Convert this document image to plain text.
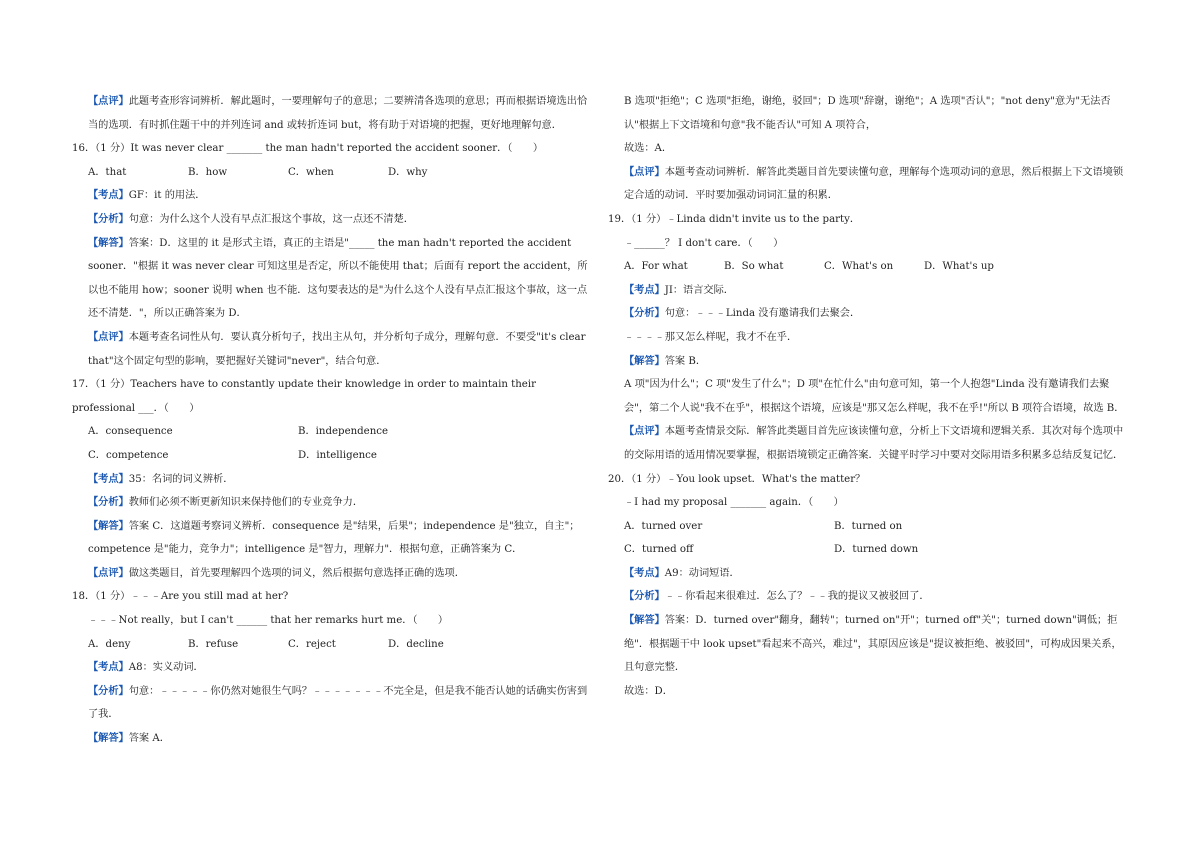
【点评】此题考查形容词辨析．解此题时，一要理解句子的意思；二要辨清各选项的意思；再而根据语境选出恰当的选项．有时抓住题干中的并列连词 and 或转折连词 but，将有助于对语境的把握，更好地理解句意．

16．（1 分）It was never clear _______ the man hadn't reported the accident sooner．（　　）

A．that	B．how	C．when	D．why

【考点】GF：it 的用法．

【分析】句意：为什么这个人没有早点汇报这个事故，这一点还不清楚．

【解答】答案：D．这里的 it 是形式主语，真正的主语是"_____ the man hadn't reported the accident sooner．"根据 it was never clear 可知这里是否定，所以不能使用 that；后面有 report the accident，所以也不能用 how；sooner 说明 when 也不能．这句要表达的是"为什么这个人没有早点汇报这个事故，这一点还不清楚．"，所以正确答案为 D．

【点评】本题考查名词性从句．要认真分析句子，找出主从句，并分析句子成分，理解句意．不要受"it's clear that"这个固定句型的影响，要把握好关键词"never"，结合句意．

17．（1 分）Teachers have to constantly update their knowledge in order to maintain their professional ___．（　　）

A．consequence	B．independence
C．competence	D．intelligence

【考点】35：名词的词义辨析．

【分析】教师们必须不断更新知识来保持他们的专业竞争力．

【解答】答案 C．这道题考察词义辨析．consequence 是"结果，后果"；independence 是"独立，自主"；competence 是"能力，竞争力"；intelligence 是"智力，理解力"．根据句意，正确答案为 C．

【点评】做这类题目，首先要理解四个选项的词义，然后根据句意选择正确的选项．

18．（1 分）﹣﹣﹣Are you still mad at her?

﹣﹣﹣Not really，but I can't ______ that her remarks hurt me．（　　）

A．deny	B．refuse	C．reject	D．decline

【考点】A8：实义动词．

【分析】句意：﹣﹣﹣﹣﹣你仍然对她很生气吗？﹣﹣﹣﹣﹣﹣﹣不完全是，但是我不能否认她的话确实伤害到了我．

【解答】答案 A．

B 选项"拒绝"；C 选项"拒绝，谢绝，驳回"；D 选项"辞谢，谢绝"；A 选项"否认"；"not deny"意为"无法否认"根据上下文语境和句意"我不能否认"可知 A 项符合，

故选：A．

【点评】本题考查动词辨析．解答此类题目首先要读懂句意，理解每个选项动词的意思，然后根据上下文语境锁定合适的动词．平时要加强动词词汇量的积累．

19．（1 分）﹣Linda didn't invite us to the party．

﹣______？ I don't care．（　　）

A．For what	B．So what	C．What's on	D．What's up

【考点】JI：语言交际．

【分析】句意：﹣﹣﹣Linda 没有邀请我们去聚会．

﹣﹣﹣﹣那又怎么样呢，我才不在乎．

【解答】答案 B．

A 项"因为什么"；C 项"发生了什么"；D 项"在忙什么"由句意可知，第一个人抱怨"Linda 没有邀请我们去聚会"，第二个人说"我不在乎"，根据这个语境，应该是"那又怎么样呢，我不在乎!"所以 B 项符合语境，故选 B．

【点评】本题考查情景交际．解答此类题目首先应该读懂句意，分析上下文语境和逻辑关系．其次对每个选项中的交际用语的适用情况要掌握，根据语境锁定正确答案．关键平时学习中要对交际用语多积累多总结反复记忆．

20．（1 分）﹣You look upset．What's the matter？

﹣I had my proposal _______ again．（　　）

A．turned over	B．turned on
C．turned off	D．turned down

【考点】A9：动词短语．

【分析】﹣﹣你看起来很难过．怎么了？﹣﹣我的提议又被驳回了．

【解答】答案：D．turned over"翻身，翻转"；turned on"开"；turned off"关"；turned down"调低；拒绝"．根据题干中 look upset"看起来不高兴，难过"，其原因应该是"提议被拒绝、被驳回"，可构成因果关系，且句意完整．

故选：D．
